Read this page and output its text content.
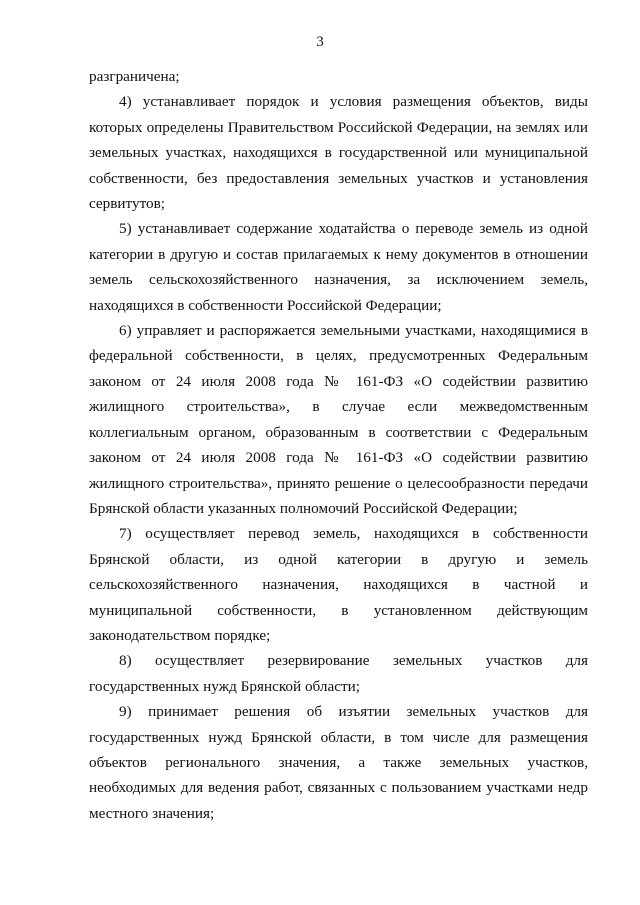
3

разграничена;

4) устанавливает порядок и условия размещения объектов, виды которых определены Правительством Российской Федерации, на землях или земельных участках, находящихся в государственной или муниципальной собственности, без предоставления земельных участков и установления сервитутов;

5) устанавливает содержание ходатайства о переводе земель из одной категории в другую и состав прилагаемых к нему документов в отношении земель сельскохозяйственного назначения, за исключением земель, находящихся в собственности Российской Федерации;

6) управляет и распоряжается земельными участками, находящимися в федеральной собственности, в целях, предусмотренных Федеральным законом от 24 июля 2008 года № 161-ФЗ «О содействии развитию жилищного строительства», в случае если межведомственным коллегиальным органом, образованным в соответствии с Федеральным законом от 24 июля 2008 года № 161-ФЗ «О содействии развитию жилищного строительства», принято решение о целесообразности передачи Брянской области указанных полномочий Российской Федерации;

7) осуществляет перевод земель, находящихся в собственности Брянской области, из одной категории в другую и земель сельскохозяйственного назначения, находящихся в частной и муниципальной собственности, в установленном действующим законодательством порядке;

8) осуществляет резервирование земельных участков для государственных нужд Брянской области;

9) принимает решения об изъятии земельных участков для государственных нужд Брянской области, в том числе для размещения объектов регионального значения, а также земельных участков, необходимых для ведения работ, связанных с пользованием участками недр местного значения;
